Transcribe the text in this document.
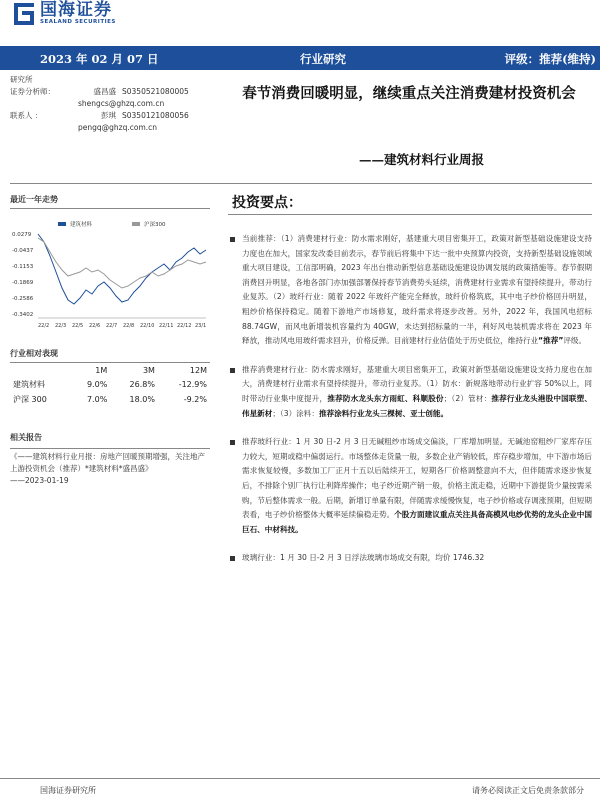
国海证券
SEALAND SECURITIES
2023 年 02 月 07 日	行业研究	评级：推荐(维持)
研究所
证券分析师：	盛昌盛 S0350521080005
shengcs@ghzq.com.cn
联系人 ：	彭琪 S0350121080056
pengq@ghzq.com.cn
春节消费回暖明显，继续重点关注消费建材投资机会
——建筑材料行业周报
最近一年走势
建筑材料	沪深300
0.0279
-0.0437
-0.1153
-0.1869
-0.2586
-0.3402
22/2 22/3 22/5 22/6 22/7 22/8 22/10 22/11 22/12 23/1
行业相对表现
	1M	3M	12M
建筑材料	9.0%	26.8%	-12.9%
沪深 300	7.0%	18.0%	-9.2%
相关报告
《——建筑材料行业月报：房地产回暖预期增强，关注地产上游投资机会（推荐）*建筑材料*盛昌盛》
——2023-01-19
投资要点：
当前推荐：（1）消费建材行业：防水需求刚好，基建重大项目密集开工，政策对新型基础设施建设支持力度也在加大，国家发改委目前表示，春节前后将集中下达一批中央预算内投资，支持新型基础设施领域重大项目建设，工信部明确，2023 年出台推动新型信息基础设施建设协调发展的政策措施等。春节假期消费回升明显，各地各部门亦加强部署保持春节消费势头延续，消费建材行业需求有望持续提升，带动行业复苏。（2）玻纤行业：随着 2022 年玻纤产能完全释放，玻纤价格筑底，其中电子纱价格回升明显，粗纱价格保持稳定。随着下游地产市场修复，玻纤需求将逐步改善。另外，2022 年，我国风电招标 88.74GW，而风电新增装机容量约为 40GW，未达到招标量的一半，利好风电装机需求将在 2023 年释放，推动风电用玻纤需求回升，价格反弹。目前建材行业估值处于历史低位，维持行业“推荐”评级。
推荐消费建材行业：防水需求刚好，基建重大项目密集开工，政策对新型基础设施建设支持力度也在加大，消费建材行业需求有望持续提升，带动行业复苏。（1）防水：新规落地带动行业扩容 50%以上，同时带动行业集中度提升，推荐防水龙头东方雨虹、科顺股份；（2）管材：推荐行业龙头港股中国联塑、伟星新材；（3）涂料：推荐涂料行业龙头三棵树、亚士创能。
推荐玻纤行业：1 月 30 日-2 月 3 日无碱粗纱市场成交偏淡，厂库增加明显。无碱池窑粗纱厂家库存压力较大，短期或稳中偏弱运行。市场整体走货量一般，多数企业产销较低，库存稳步增加，中下游市场后需求恢复较慢，多数加工厂正月十五以后陆续开工，短期各厂价格调整意向不大，但伴随需求逐步恢复后，不排除个别厂执行让利降库操作；电子纱近期产销一般，价格主流走稳，近期中下游提货少量按需采购，节后整体需求一般。后期，新增订单量有限，伴随需求缓慢恢复，电子纱价格或存调涨预期，但短期表看，电子纱价格整体大概率延续偏稳走势。个股方面建议重点关注具备高模风电纱优势的龙头企业中国巨石、中材科技。
玻璃行业：1 月 30 日-2 月 3 日浮法玻璃市场成交有限，均价 1746.32
国海证券研究所	请务必阅读正文后免责条款部分
